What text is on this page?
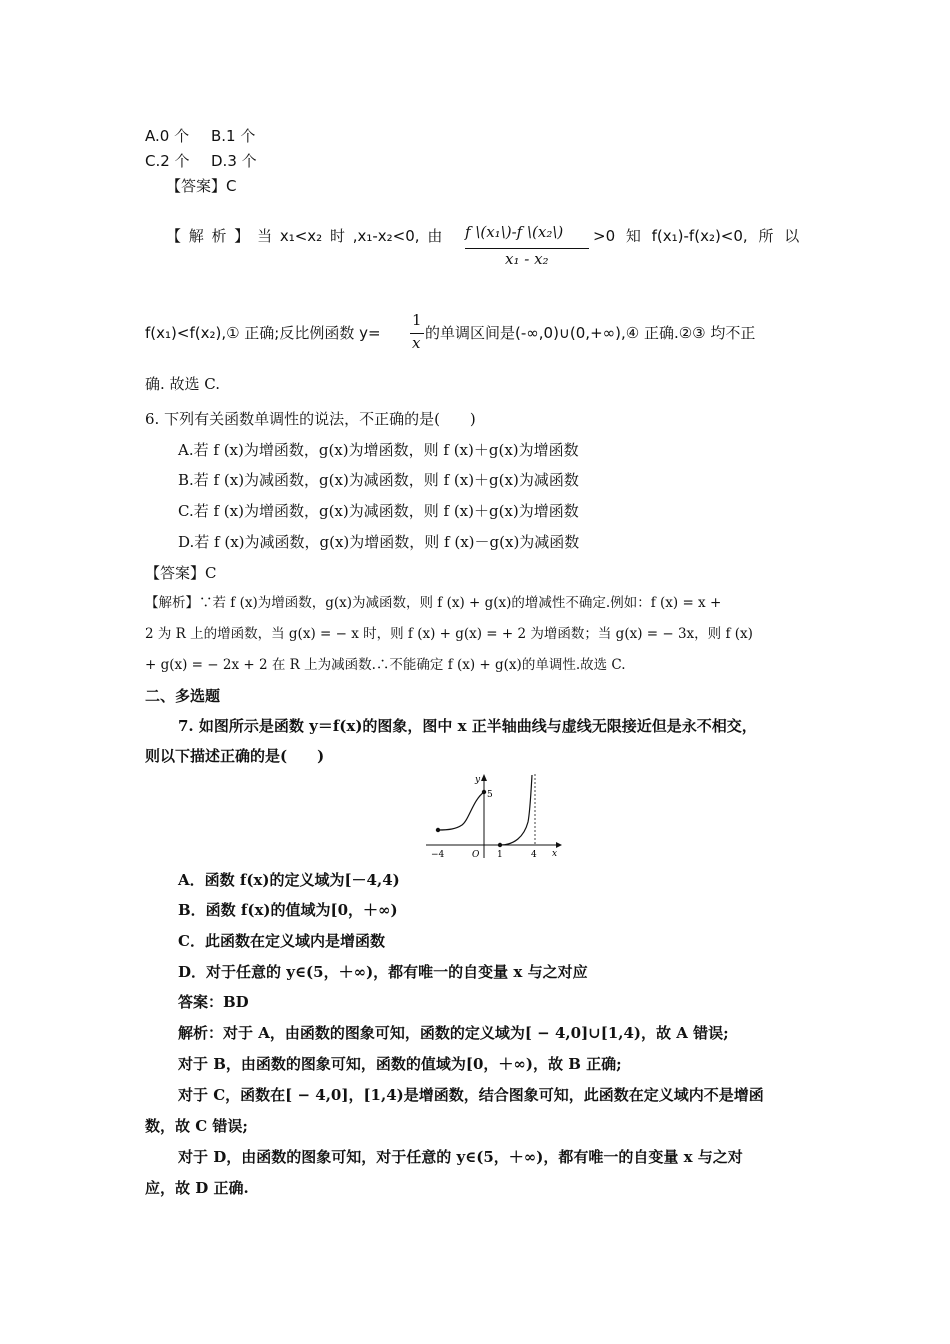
A.0 个 B.1 个
C.2 个 D.3 个
【答案】C
【 解 析 】 当 x₁<x₂ 时 ,x₁-x₂<0, 由 f \(x₁\)-f \(x₂\)
x₁ - x₂
>0 知 f(x₁)-f(x₂)<0, 所 以
f(x₁)<f(x₂),① 正确;反比例函数 y=
1
x
的单调区间是(-∞,0)∪(0,+∞),④ 正确.②③ 均不正
确. 故选 C.
6. 下列有关函数单调性的说法，不正确的是(　　)
A.若 f (x)为增函数，g(x)为增函数，则 f (x)＋g(x)为增函数
B.若 f (x)为减函数，g(x)为减函数，则 f (x)＋g(x)为减函数
C.若 f (x)为增函数，g(x)为减函数，则 f (x)＋g(x)为增函数
D.若 f (x)为减函数，g(x)为增函数，则 f (x)－g(x)为减函数
【答案】C
【解析】∵若 f (x)为增函数，g(x)为减函数，则 f (x) + g(x)的增减性不确定.例如：f (x) = x +
2 为 R 上的增函数，当 g(x) = − x 时，则 f (x) + g(x) = + 2 为增函数；当 g(x) = − 3x，则 f (x)
+ g(x) = − 2x + 2 在 R 上为减函数.∴不能确定 f (x) + g(x)的单调性.故选 C.
二、多选题
7. 如图所示是函数 y＝f(x)的图象，图中 x 正半轴曲线与虚线无限接近但是永不相交，
则以下描述正确的是(　　)
y
x
O
−4	1	4
5
A．函数 f(x)的定义域为[－4,4)
B．函数 f(x)的值域为[0，＋∞)
C．此函数在定义域内是增函数
D．对于任意的 y∈(5，＋∞)，都有唯一的自变量 x 与之对应
答案：BD
解析：对于 A，由函数的图象可知，函数的定义域为[ − 4,0]∪[1,4)，故 A 错误;
对于 B，由函数的图象可知，函数的值域为[0，＋∞)，故 B 正确;
对于 C，函数在[ − 4,0]，[1,4)是增函数，结合图象可知，此函数在定义域内不是增函
数，故 C 错误;
对于 D，由函数的图象可知，对于任意的 y∈(5，＋∞)，都有唯一的自变量 x 与之对
应，故 D 正确.
